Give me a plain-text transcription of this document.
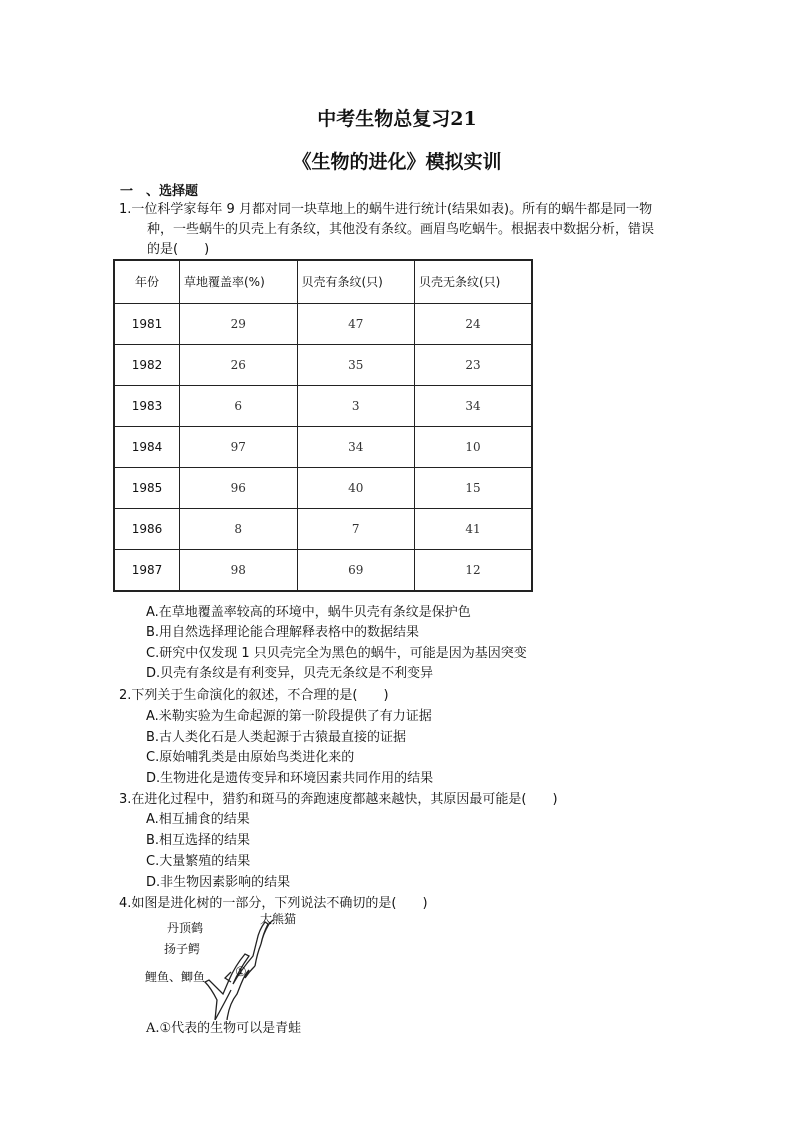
中考生物总复习21
《生物的进化》模拟实训
一　、选择题
1.一位科学家每年 9 月都对同一块草地上的蜗牛进行统计(结果如表)。所有的蜗牛都是同一物
种，一些蜗牛的贝壳上有条纹，其他没有条纹。画眉鸟吃蜗牛。根据表中数据分析，错误
的是(　　)
年份	草地覆盖率(%)	贝壳有条纹(只)	贝壳无条纹(只)
1981	29	47	24
1982	26	35	23
1983	6	3	34
1984	97	34	10
1985	96	40	15
1986	8	7	41
1987	98	69	12
A.在草地覆盖率较高的环境中，蜗牛贝壳有条纹是保护色
B.用自然选择理论能合理解释表格中的数据结果
C.研究中仅发现 1 只贝壳完全为黑色的蜗牛，可能是因为基因突变
D.贝壳有条纹是有利变异，贝壳无条纹是不利变异
2.下列关于生命演化的叙述，不合理的是(　　)
A.米勒实验为生命起源的第一阶段提供了有力证据
B.古人类化石是人类起源于古猿最直接的证据
C.原始哺乳类是由原始鸟类进化来的
D.生物进化是遗传变异和环境因素共同作用的结果
3.在进化过程中，猎豹和斑马的奔跑速度都越来越快，其原因最可能是(　　)
A.相互捕食的结果
B.相互选择的结果
C.大量繁殖的结果
D.非生物因素影响的结果
4.如图是进化树的一部分，下列说法不确切的是(　　)
丹顶鹤
大熊猫
扬子鳄
鲤鱼、鲫鱼 ①
A.①代表的生物可以是青蛙
